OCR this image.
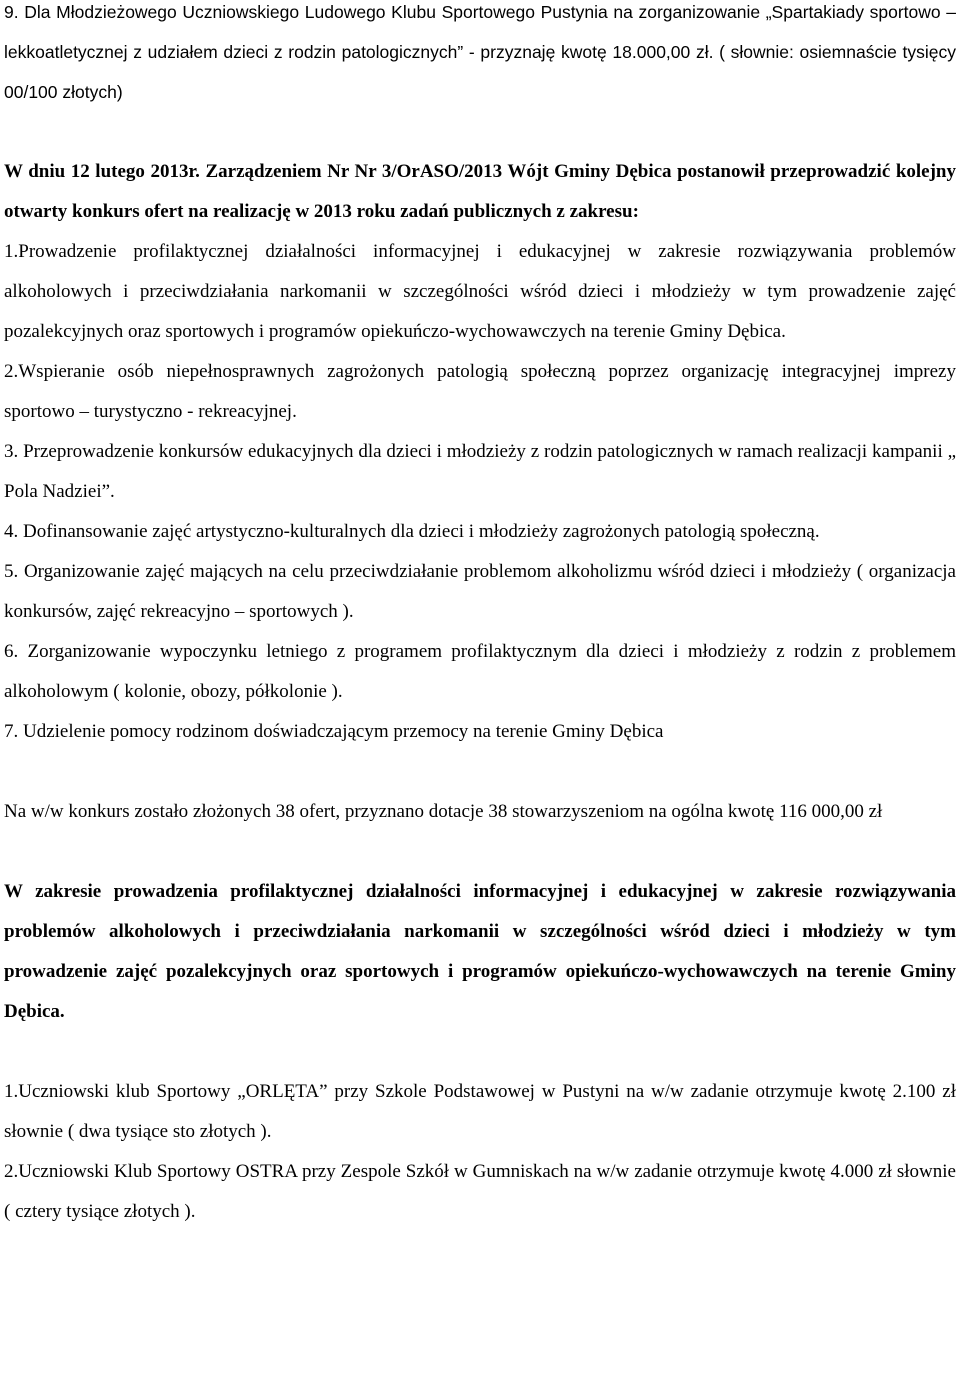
9. Dla Młodzieżowego Uczniowskiego Ludowego Klubu Sportowego Pustynia na zorganizowanie „Spartakiady sportowo – lekkoatletycznej z udziałem dzieci z rodzin patologicznych” - przyznaję kwotę 18.000,00 zł. ( słownie: osiemnaście tysięcy 00/100 złotych)

W dniu 12 lutego 2013r. Zarządzeniem Nr Nr 3/OrASO/2013 Wójt Gminy Dębica postanowił przeprowadzić kolejny otwarty konkurs ofert na realizację w 2013 roku zadań publicznych z zakresu:

1.Prowadzenie profilaktycznej działalności informacyjnej i edukacyjnej w zakresie rozwiązywania problemów alkoholowych i przeciwdziałania narkomanii w szczególności wśród dzieci i młodzieży w tym prowadzenie zajęć pozalekcyjnych oraz sportowych i programów opiekuńczo-wychowawczych na terenie Gminy Dębica.

2.Wspieranie osób niepełnosprawnych zagrożonych patologią społeczną poprzez organizację integracyjnej imprezy sportowo – turystyczno - rekreacyjnej.

3. Przeprowadzenie konkursów edukacyjnych dla dzieci i młodzieży z rodzin patologicznych w ramach realizacji kampanii „ Pola Nadziei”.

4. Dofinansowanie zajęć artystyczno-kulturalnych dla dzieci i młodzieży zagrożonych patologią społeczną.

5. Organizowanie zajęć mających na celu przeciwdziałanie problemom alkoholizmu wśród dzieci i młodzieży ( organizacja konkursów, zajęć rekreacyjno – sportowych ).

6. Zorganizowanie wypoczynku letniego z programem profilaktycznym dla dzieci i młodzieży z rodzin z problemem alkoholowym ( kolonie, obozy, półkolonie ).

7. Udzielenie pomocy rodzinom doświadczającym przemocy na terenie Gminy Dębica

Na w/w konkurs zostało złożonych 38 ofert, przyznano dotacje 38 stowarzyszeniom na ogólna kwotę 116 000,00 zł

W zakresie prowadzenia profilaktycznej działalności informacyjnej i edukacyjnej w zakresie rozwiązywania problemów alkoholowych i przeciwdziałania narkomanii w szczególności wśród dzieci i młodzieży w tym prowadzenie zajęć pozalekcyjnych oraz sportowych i programów opiekuńczo-wychowawczych na terenie Gminy Dębica.

1.Uczniowski klub Sportowy „ORLĘTA” przy Szkole Podstawowej w Pustyni na w/w zadanie otrzymuje kwotę 2.100 zł słownie ( dwa tysiące sto złotych ).

2.Uczniowski Klub Sportowy OSTRA przy Zespole Szkół w Gumniskach na w/w zadanie otrzymuje kwotę 4.000 zł słownie ( cztery tysiące złotych ).
